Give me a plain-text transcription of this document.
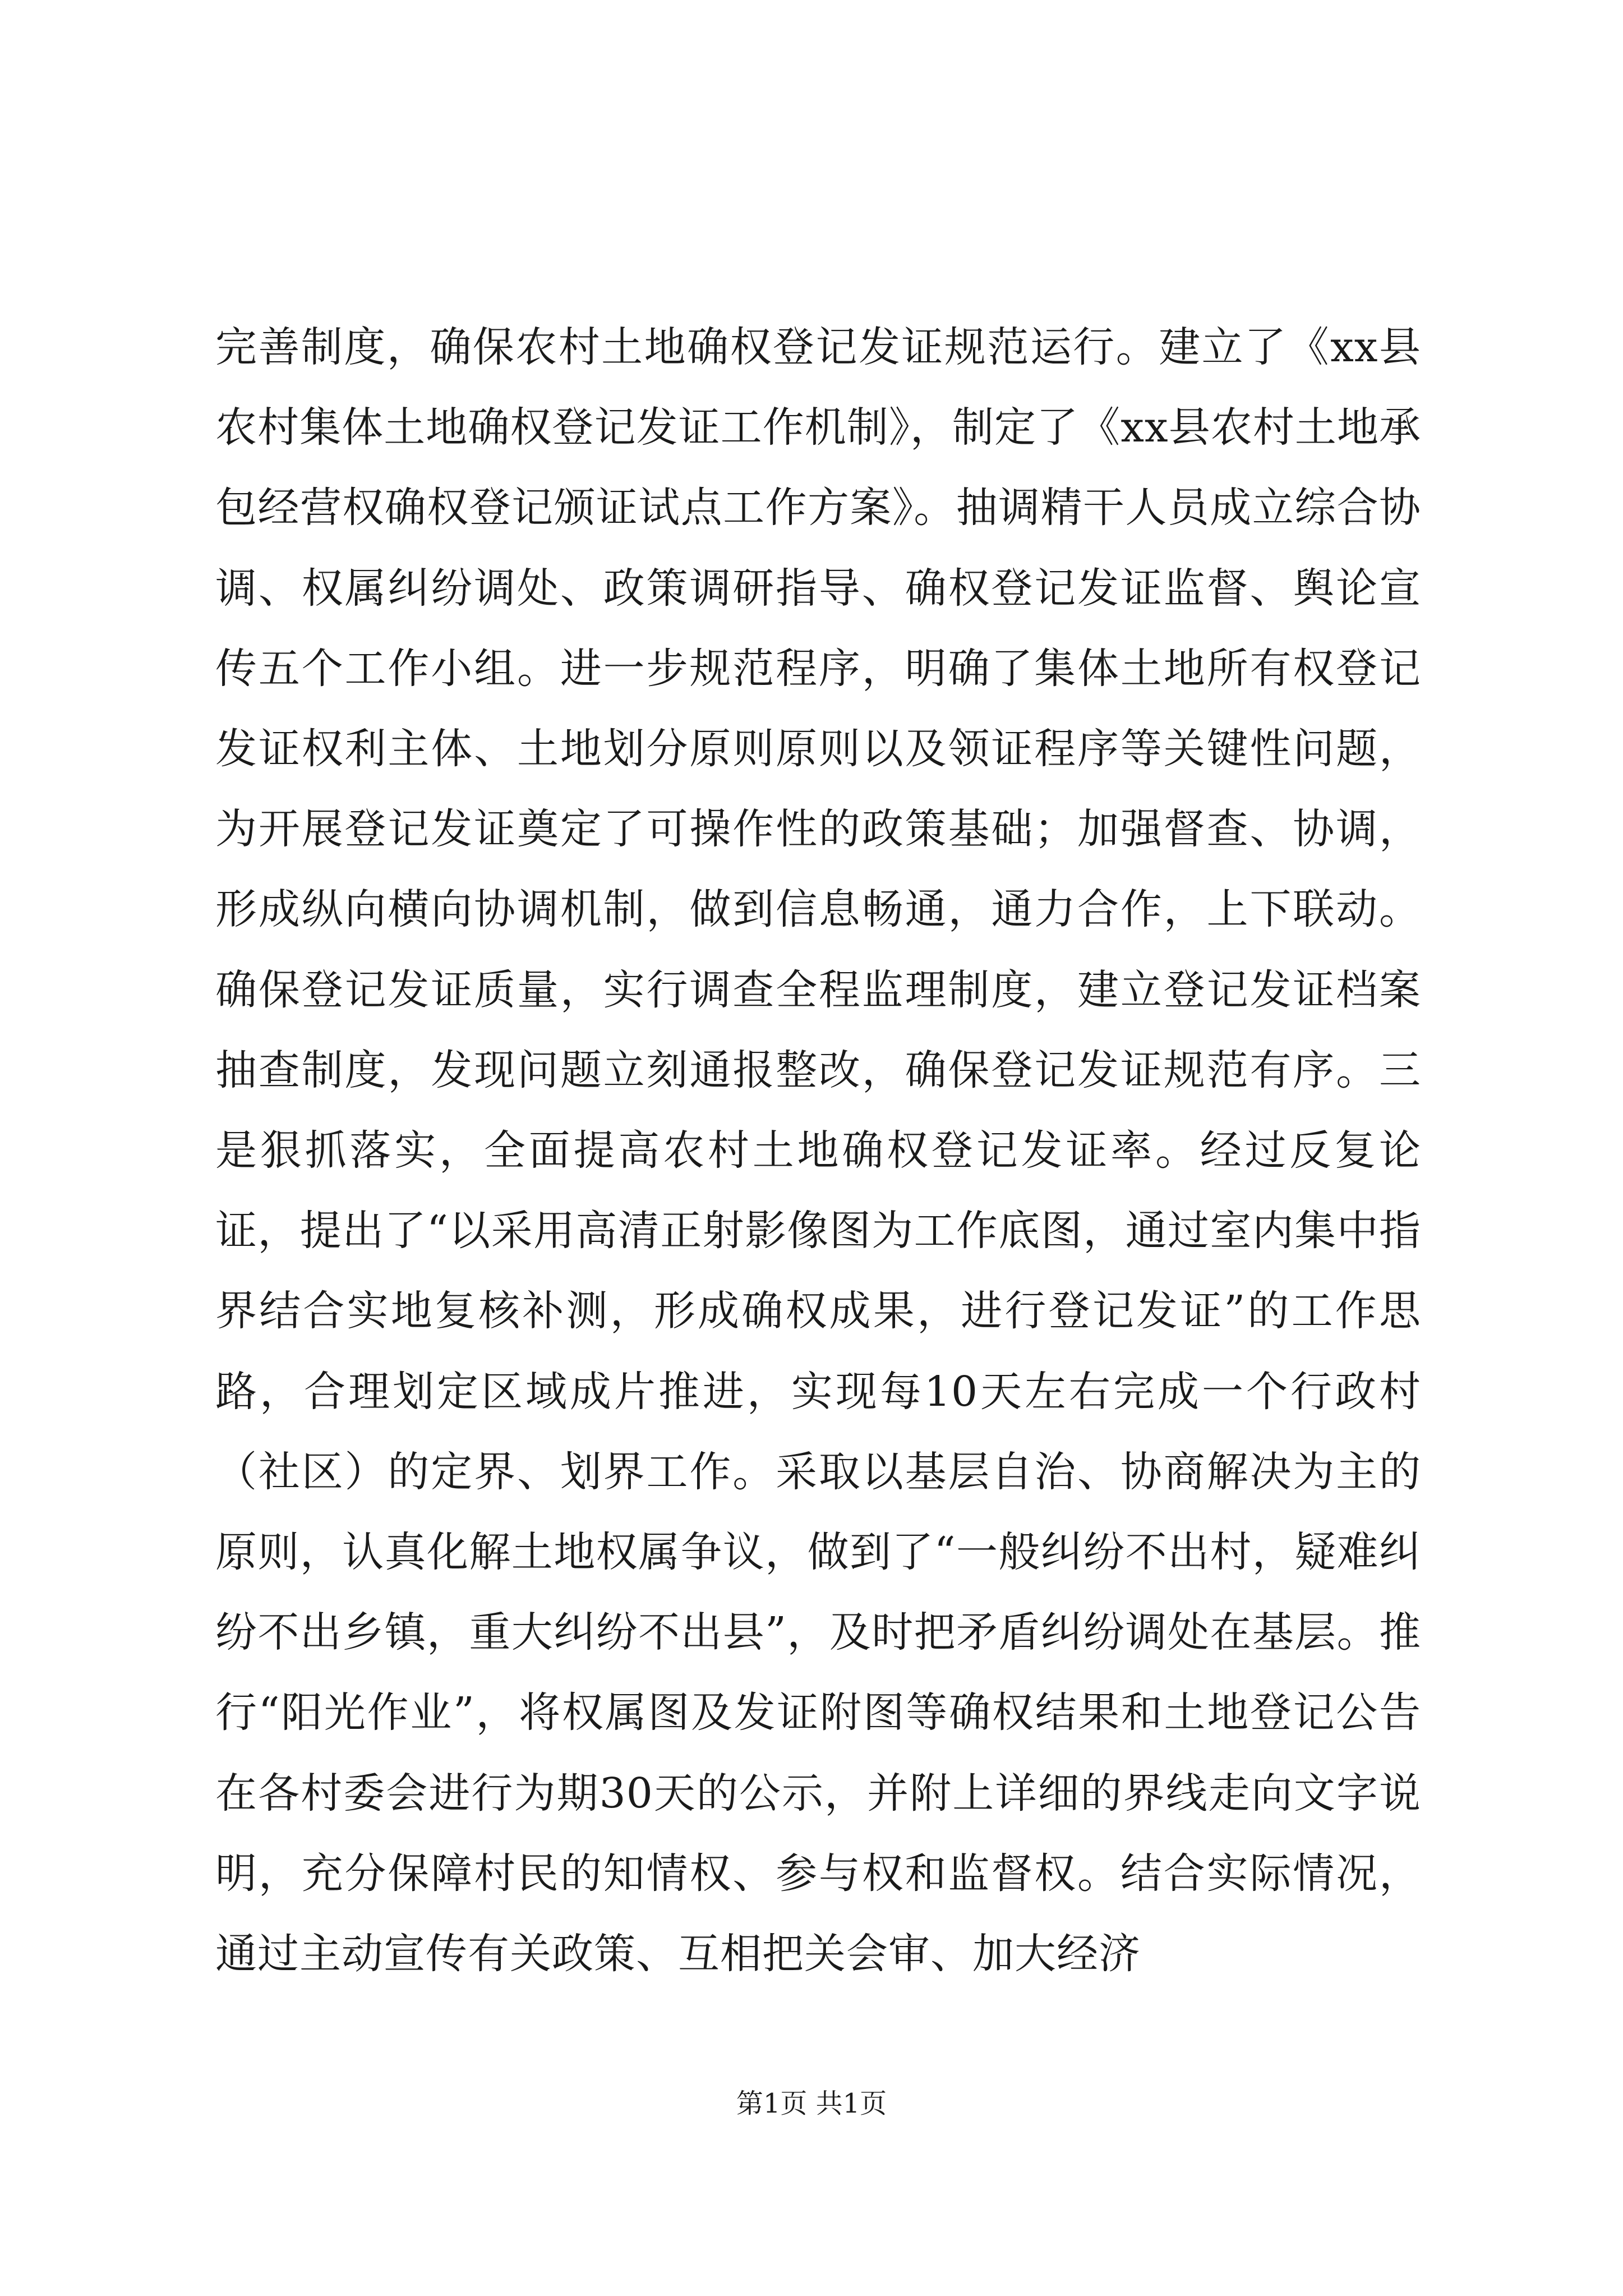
完善制度，确保农村土地确权登记发证规范运行。建立了《xx县农村集体土地确权登记发证工作机制》，制定了《xx县农村土地承包经营权确权登记颁证试点工作方案》。抽调精干人员成立综合协调、权属纠纷调处、政策调研指导、确权登记发证监督、舆论宣传五个工作小组。进一步规范程序，明确了集体土地所有权登记发证权利主体、土地划分原则原则以及领证程序等关键性问题，为开展登记发证奠定了可操作性的政策基础；加强督查、协调，形成纵向横向协调机制，做到信息畅通，通力合作，上下联动。确保登记发证质量，实行调查全程监理制度，建立登记发证档案抽查制度，发现问题立刻通报整改，确保登记发证规范有序。三是狠抓落实，全面提高农村土地确权登记发证率。经过反复论证，提出了“以采用高清正射影像图为工作底图，通过室内集中指界结合实地复核补测，形成确权成果，进行登记发证”的工作思路，合理划定区域成片推进，实现每10天左右完成一个行政村（社区）的定界、划界工作。采取以基层自治、协商解决为主的原则，认真化解土地权属争议，做到了“一般纠纷不出村，疑难纠纷不出乡镇，重大纠纷不出县”，及时把矛盾纠纷调处在基层。推行“阳光作业”，将权属图及发证附图等确权结果和土地登记公告在各村委会进行为期30天的公示，并附上详细的界线走向文字说明，充分保障村民的知情权、参与权和监督权。结合实际情况，通过主动宣传有关政策、互相把关会审、加大经济

第1页 共1页
